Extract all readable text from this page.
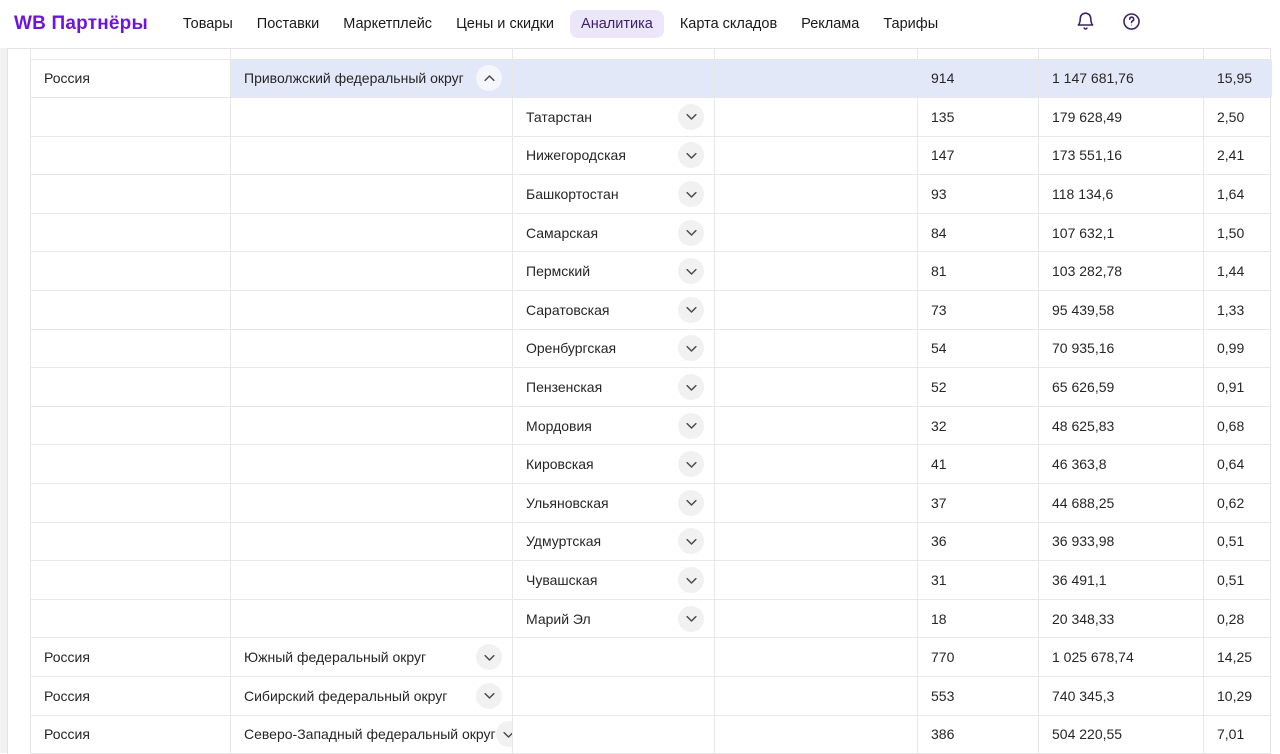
WB Партнёры	Товары	Поставки	Маркетплейс	Цены и скидки	Аналитика	Карта складов	Реклама	Тарифы
Россия	Приволжский федеральный округ	914	1 147 681,76	15,95
Татарстан	135	179 628,49	2,50
Нижегородская	147	173 551,16	2,41
Башкортостан	93	118 134,6	1,64
Самарская	84	107 632,1	1,50
Пермский	81	103 282,78	1,44
Саратовская	73	95 439,58	1,33
Оренбургская	54	70 935,16	0,99
Пензенская	52	65 626,59	0,91
Мордовия	32	48 625,83	0,68
Кировская	41	46 363,8	0,64
Ульяновская	37	44 688,25	0,62
Удмуртская	36	36 933,98	0,51
Чувашская	31	36 491,1	0,51
Марий Эл	18	20 348,33	0,28
Россия	Южный федеральный округ	770	1 025 678,74	14,25
Россия	Сибирский федеральный округ	553	740 345,3	10,29
Россия	Северо-Западный федеральный округ	386	504 220,55	7,01
